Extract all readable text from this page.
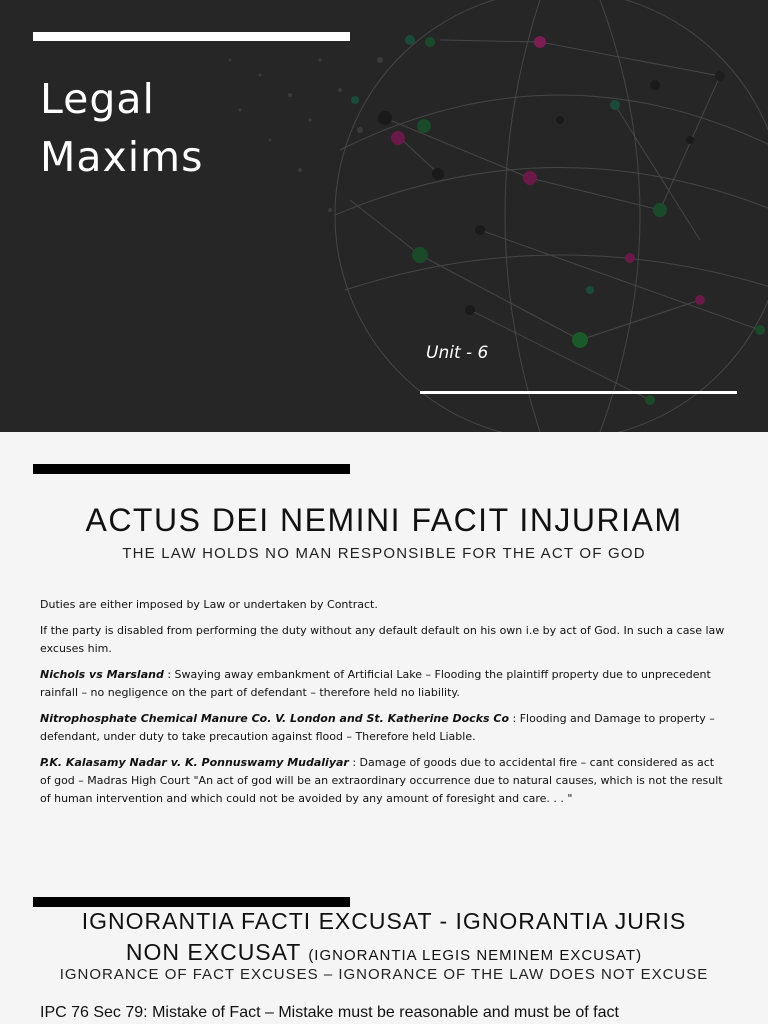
Legal
Maxims
Unit - 6
ACTUS DEI NEMINI FACIT INJURIAM
THE LAW HOLDS NO MAN RESPONSIBLE FOR THE ACT OF GOD

Duties are either imposed by Law or undertaken by Contract.

If the party is disabled from performing the duty without any default default on his own i.e by act of God. In such a case law excuses him.

Nichols vs Marsland : Swaying away embankment of Artificial Lake – Flooding the plaintiff property due to unprecedent rainfall – no negligence on the part of defendant – therefore held no liability.

Nitrophosphate Chemical Manure Co. V. London and St. Katherine Docks Co : Flooding and Damage to property – defendant, under duty to take precaution against flood – Therefore held Liable.

P.K. Kalasamy Nadar v. K. Ponnuswamy Mudaliyar : Damage of goods due to accidental fire – cant considered as act of god – Madras High Court "An act of god will be an extraordinary occurrence due to natural causes, which is not the result of human intervention and which could not be avoided by any amount of foresight and care. . . "

IGNORANTIA FACTI EXCUSAT - IGNORANTIA JURIS
NON EXCUSAT (IGNORANTIA LEGIS NEMINEM EXCUSAT)
IGNORANCE OF FACT EXCUSES – IGNORANCE OF THE LAW DOES NOT EXCUSE
IPC 76 Sec 79: Mistake of Fact – Mistake must be reasonable and must be of fact
